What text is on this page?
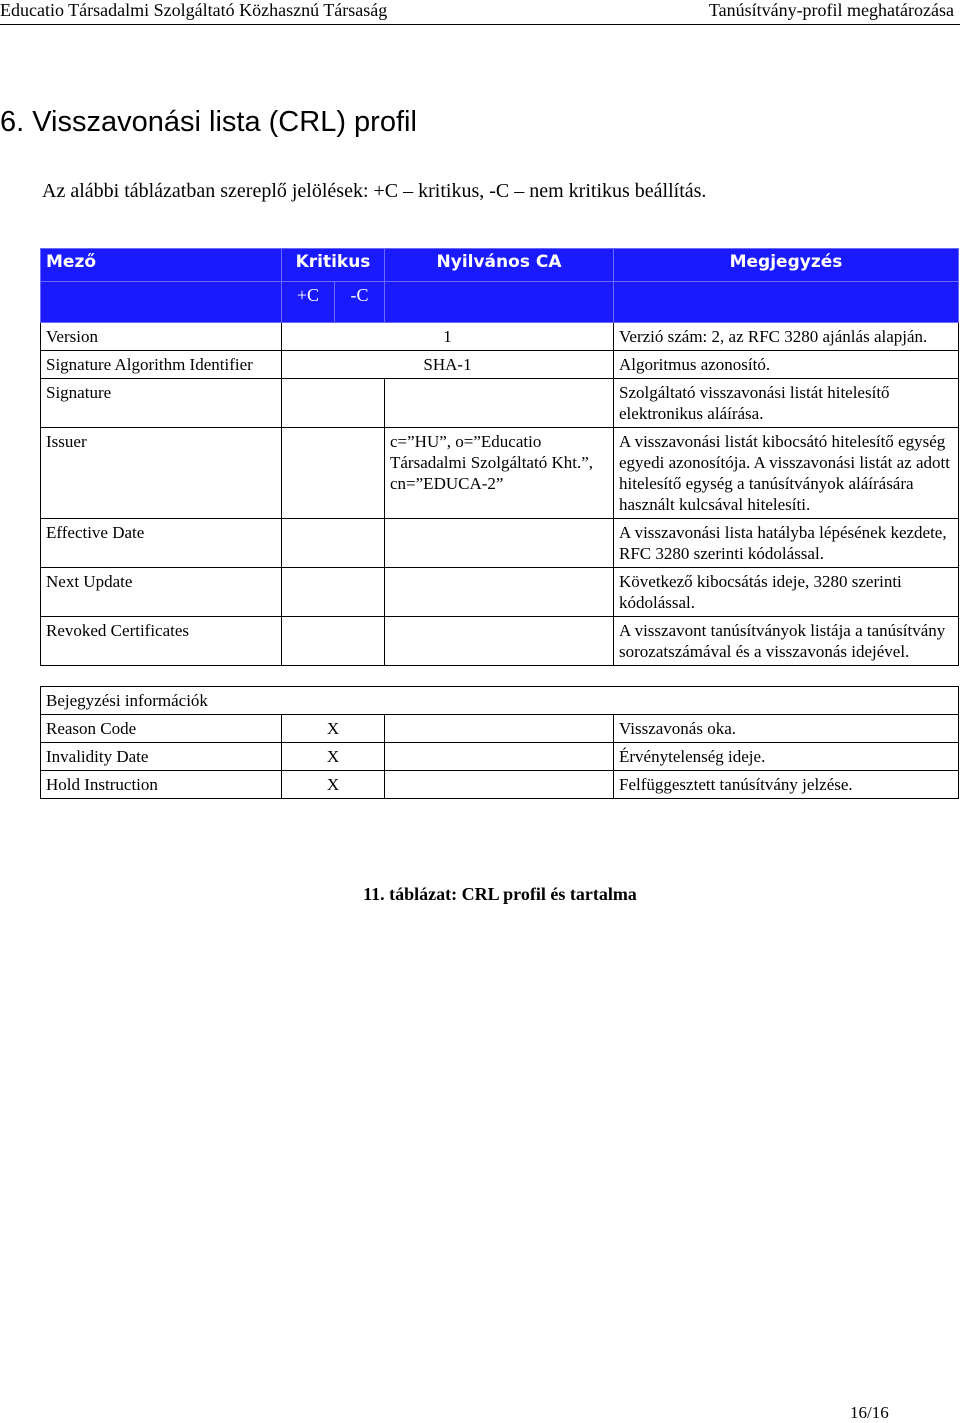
Educatio Társadalmi Szolgáltató Közhasznú Társaság	Tanúsítvány-profil meghatározása
6. Visszavonási lista (CRL) profil
Az alábbi táblázatban szereplő jelölések: +C – kritikus, -C – nem kritikus beállítás.
Mező	Kritikus		Nyilvános CA	Megjegyzés
	+C	-C		
Version	1			Verzió szám: 2, az RFC 3280 ajánlás alapján.
Signature Algorithm Identifier	SHA-1			Algoritmus azonosító.
Signature				Szolgáltató visszavonási listát hitelesítő elektronikus aláírása.
Issuer			c=”HU”, o=”Educatio Társadalmi Szolgáltató Kht.”, cn=”EDUCA-2”	A visszavonási listát kibocsátó hitelesítő egység egyedi azonosítója. A visszavonási listát az adott hitelesítő egység a tanúsítványok aláírására használt kulcsával hitelesíti.
Effective Date				A visszavonási lista hatályba lépésének kezdete, RFC 3280 szerinti kódolással.
Next Update				Következő kibocsátás ideje, 3280 szerinti kódolással.
Revoked Certificates				A visszavont tanúsítványok listája a tanúsítvány sorozatszámával és a visszavonás idejével.

Bejegyzési információk				
Reason Code	X			Visszavonás oka.
Invalidity Date	X			Érvénytelenség ideje.
Hold Instruction	X			Felfüggesztett tanúsítvány jelzése.
11. táblázat: CRL profil és tartalma
16/16
